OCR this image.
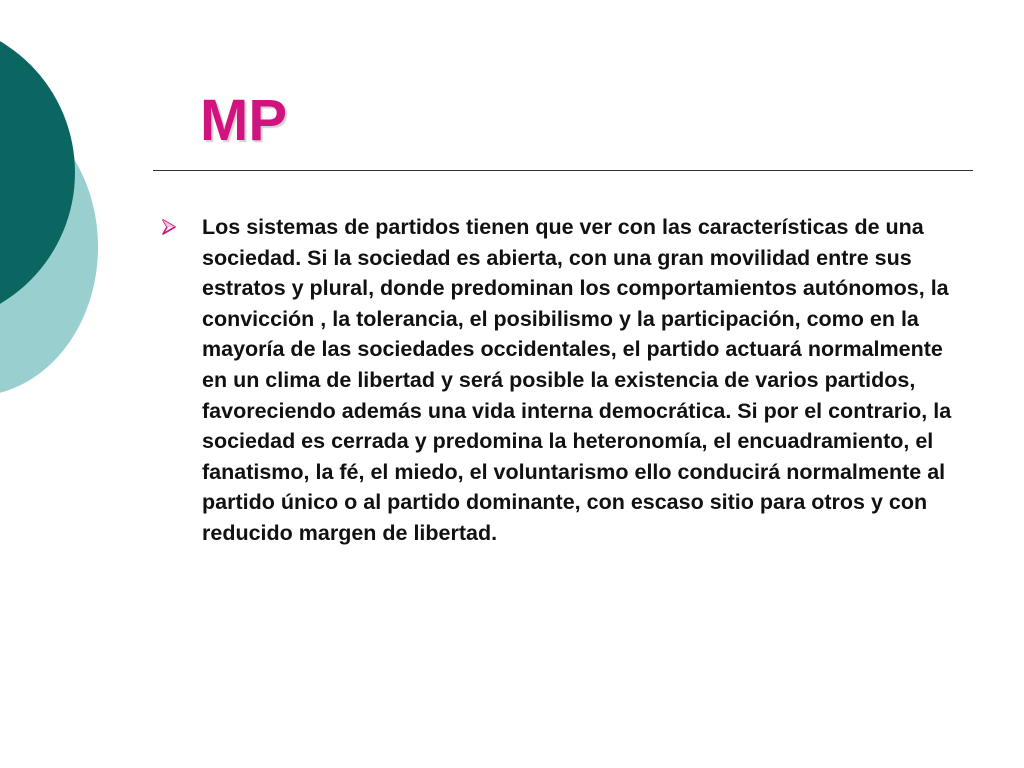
MP

Los sistemas de partidos tienen que ver con las características de una sociedad. Si la sociedad es abierta, con una gran movilidad entre sus estratos y plural, donde predominan los comportamientos autónomos, la convicción , la tolerancia, el posibilismo y la participación, como en la mayoría de las sociedades occidentales, el partido actuará normalmente en un clima de libertad y será posible la existencia de varios partidos, favoreciendo además una vida interna democrática. Si por el contrario, la sociedad es cerrada y predomina la heteronomía, el encuadramiento, el fanatismo, la fé, el miedo, el voluntarismo ello conducirá normalmente al partido único o al partido dominante, con escaso sitio para otros y con reducido margen de libertad.
